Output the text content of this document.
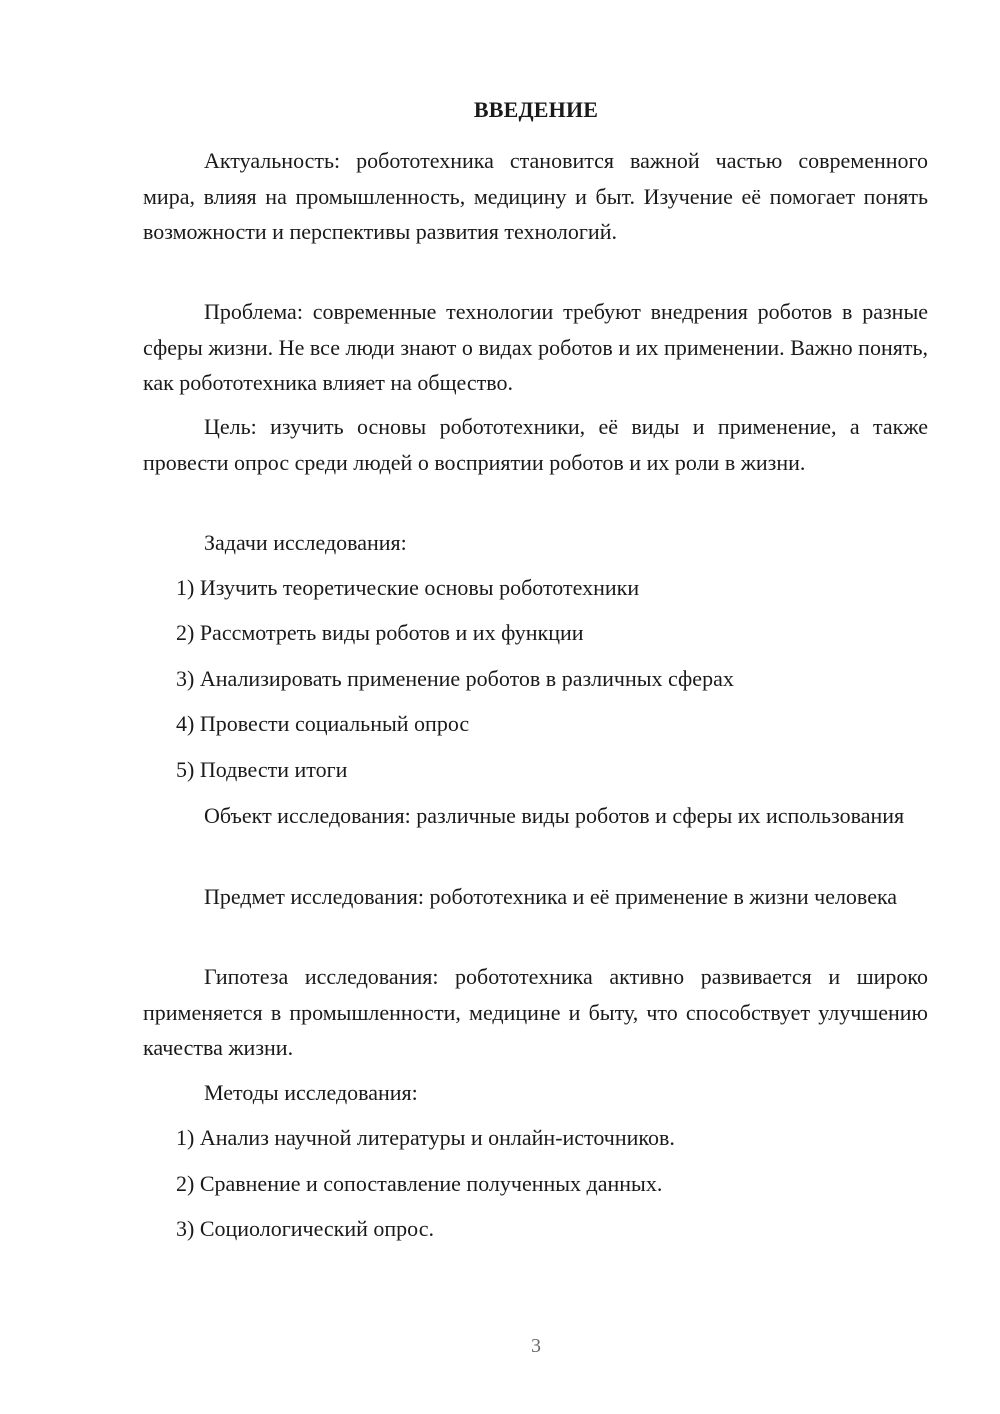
ВВЕДЕНИЕ

Актуальность: робототехника становится важной частью современного мира, влияя на промышленность, медицину и быт. Изучение её помогает понять возможности и перспективы развития технологий.

Проблема: современные технологии требуют внедрения роботов в разные сферы жизни. Не все люди знают о видах роботов и их применении. Важно понять, как робототехника влияет на общество.

Цель: изучить основы робототехники, её виды и применение, а также провести опрос среди людей о восприятии роботов и их роли в жизни.

Задачи исследования:

1) Изучить теоретические основы робототехники
2) Рассмотреть виды роботов и их функции
3) Анализировать применение роботов в различных сферах
4) Провести социальный опрос
5) Подвести итоги

Объект исследования: различные виды роботов и сферы их использования

Предмет исследования: робототехника и её применение в жизни человека

Гипотеза исследования: робототехника активно развивается и широко применяется в промышленности, медицине и быту, что способствует улучшению качества жизни.

Методы исследования:

1) Анализ научной литературы и онлайн-источников.
2) Сравнение и сопоставление полученных данных.
3) Социологический опрос.
3
